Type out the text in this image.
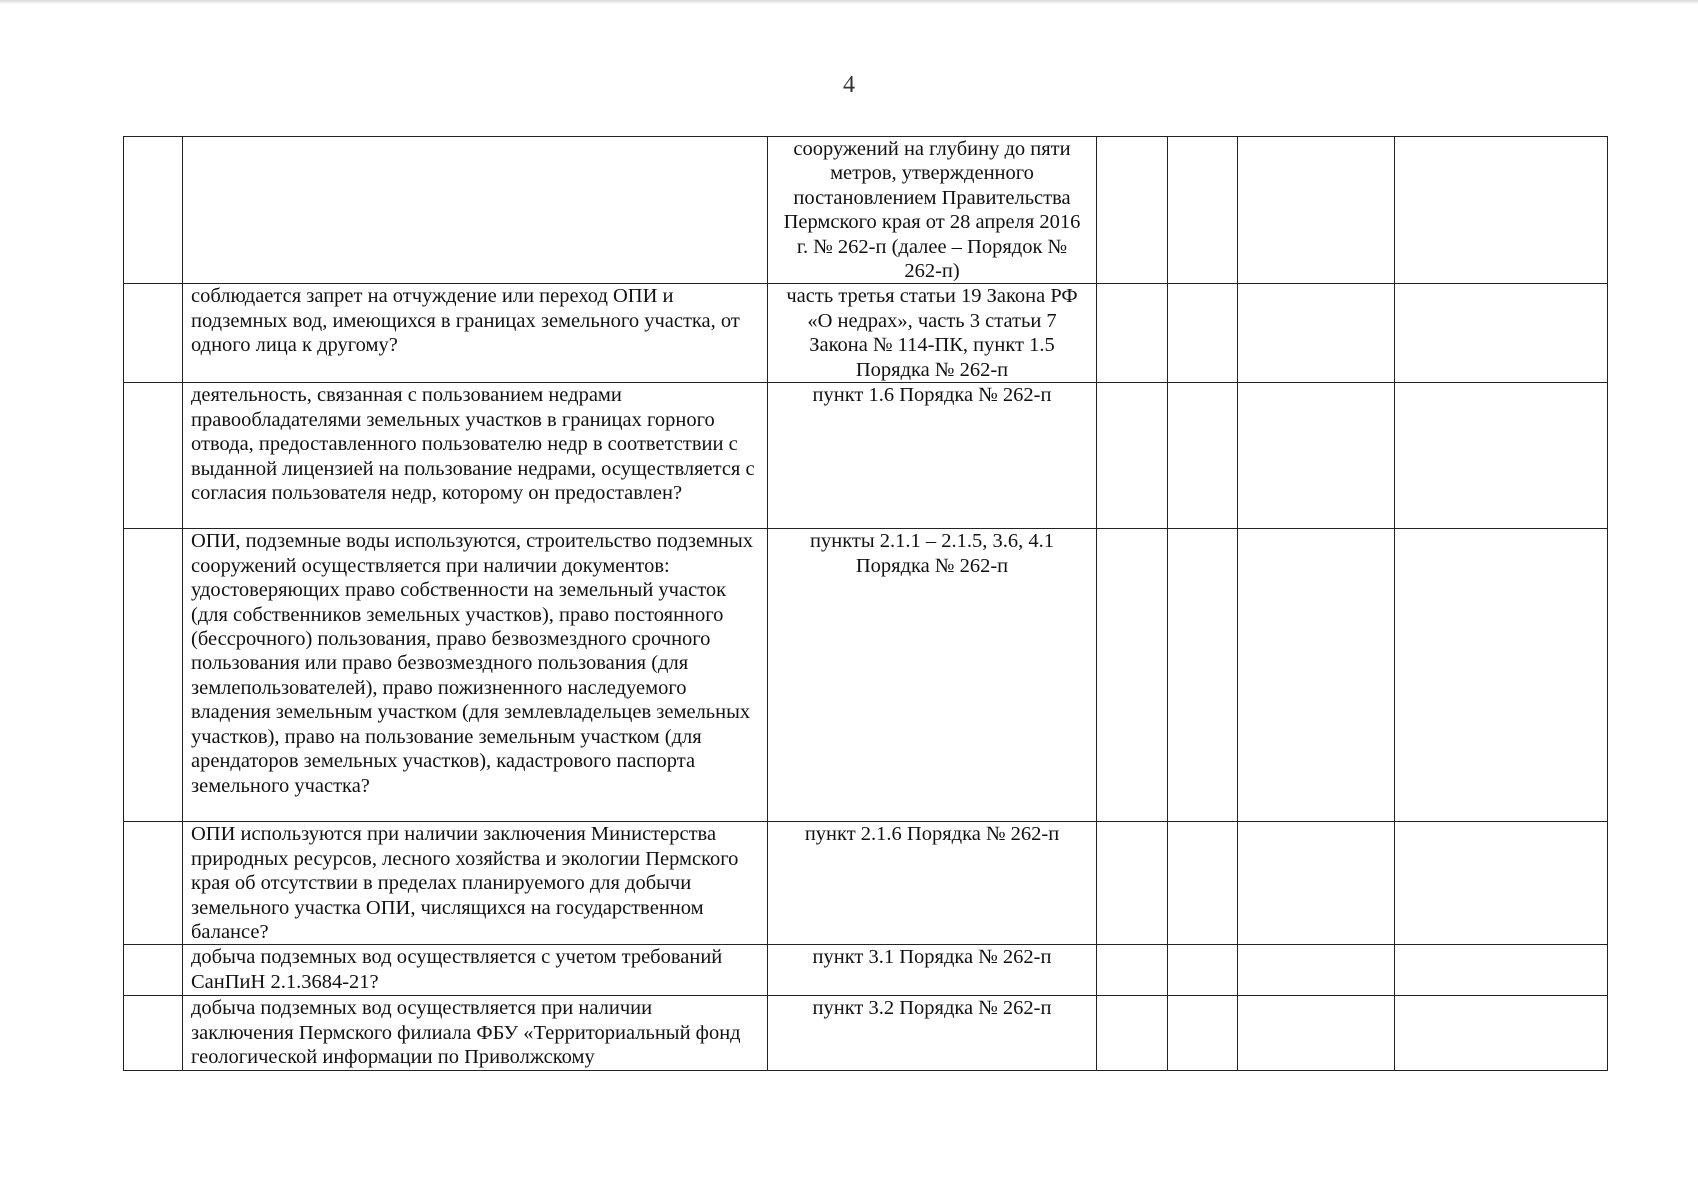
4
		сооружений на глубину до пяти метров, утвержденного постановлением Правительства Пермского края от 28 апреля 2016 г. № 262-п (далее – Порядок № 262-п)				
	соблюдается запрет на отчуждение или переход ОПИ и подземных вод, имеющихся в границах земельного участка, от одного лица к другому?	часть третья статьи 19 Закона РФ «О недрах», часть 3 статьи 7 Закона № 114-ПК, пункт 1.5 Порядка № 262-п				
	деятельность, связанная с пользованием недрами правообладателями земельных участков в границах горного отвода, предоставленного пользователю недр в соответствии с выданной лицензией на пользование недрами, осуществляется с согласия пользователя недр, которому он предоставлен?	пункт 1.6 Порядка № 262-п				
	ОПИ, подземные воды используются, строительство подземных сооружений осуществляется при наличии документов: удостоверяющих право собственности на земельный участок (для собственников земельных участков), право постоянного (бессрочного) пользования, право безвозмездного срочного пользования или право безвозмездного пользования (для землепользователей), право пожизненного наследуемого владения земельным участком (для землевладельцев земельных участков), право на пользование земельным участком (для арендаторов земельных участков), кадастрового паспорта земельного участка?	пункты 2.1.1 – 2.1.5, 3.6, 4.1 Порядка № 262-п				
	ОПИ используются при наличии заключения Министерства природных ресурсов, лесного хозяйства и экологии Пермского края об отсутствии в пределах планируемого для добычи земельного участка ОПИ, числящихся на государственном балансе?	пункт 2.1.6 Порядка № 262-п				
	добыча подземных вод осуществляется с учетом требований СанПиН 2.1.3684-21?	пункт 3.1 Порядка № 262-п				
	добыча подземных вод осуществляется при наличии заключения Пермского филиала ФБУ «Территориальный фонд геологической информации по Приволжскому	пункт 3.2 Порядка № 262-п				
